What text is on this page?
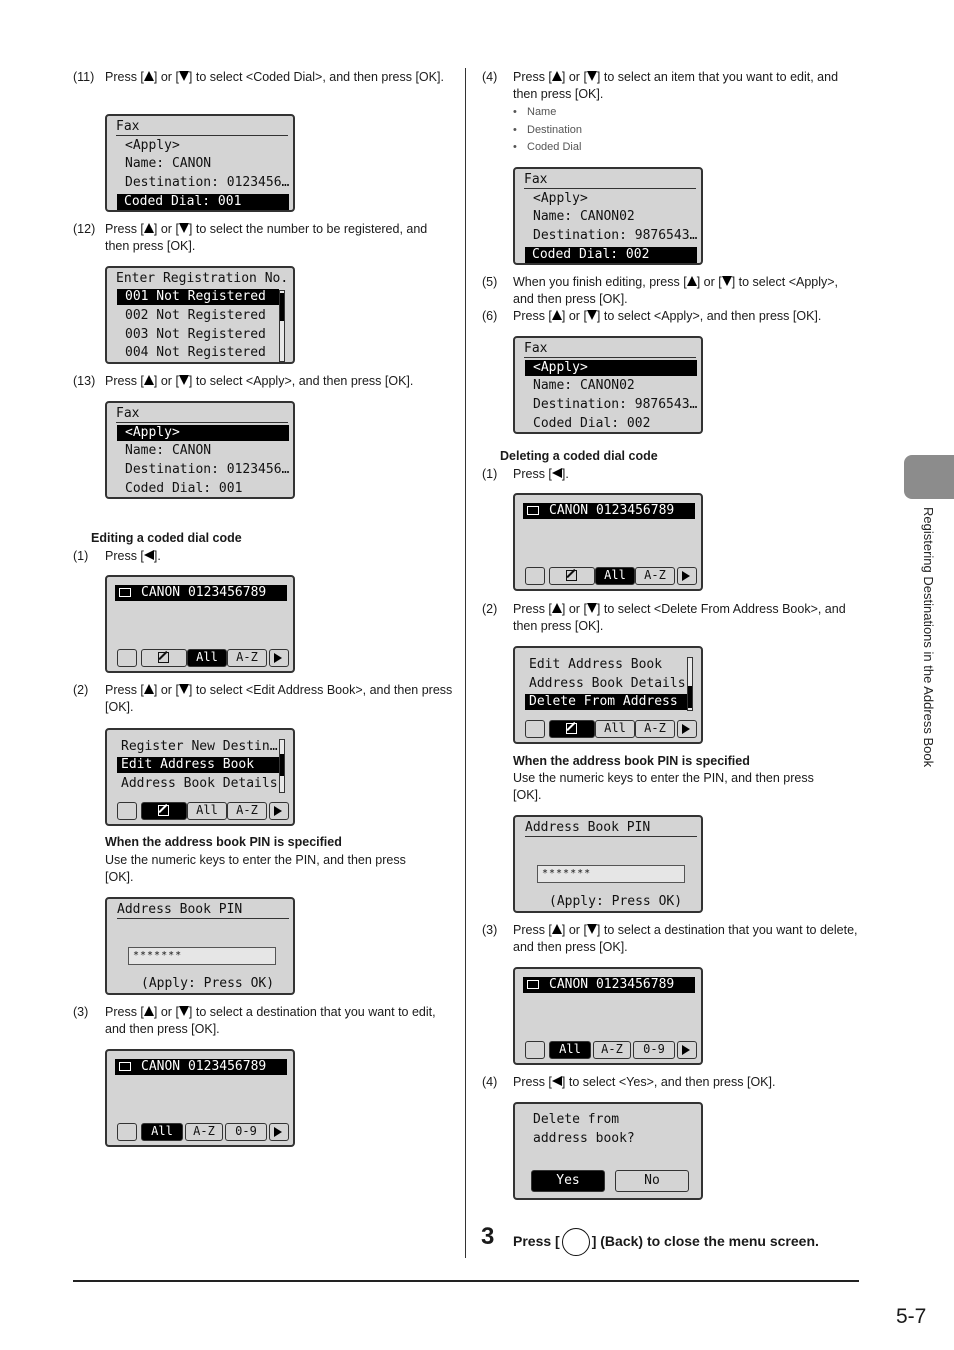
(11) Press [ ] or [ ] to select <Coded Dial>, and then press [OK].
Fax
<Apply>
Name: CANON
Destination: 0123456…
Coded Dial: 001
(12) Press [ ] or [ ] to select the number to be registered, and then press [OK].
Enter Registration No.
001 Not Registered
002 Not Registered
003 Not Registered
004 Not Registered
(13) Press [ ] or [ ] to select <Apply>, and then press [OK].
Fax
<Apply>
Name: CANON
Destination: 0123456…
Coded Dial: 001
Editing a coded dial code
(1)	Press [ ].
CANON 0123456789
All	A-Z
(2)	Press [ ] or [ ] to select <Edit Address Book>, and then press [OK].
Register New Destin…
Edit Address Book
Address Book Details
All	A-Z
When the address book PIN is specified
Use the numeric keys to enter the PIN, and then press [OK].
Address Book PIN
*******
(Apply: Press OK)
(3)	Press [ ] or [ ] to select a destination that you want to edit, and then press [OK].
CANON 0123456789
All	A-Z	0-9
(4)	Press [ ] or [ ] to select an item that you want to edit, and then press [OK].
• Name
• Destination
• Coded Dial
Fax
<Apply>
Name: CANON02
Destination: 9876543…
Coded Dial: 002
(5)	When you finish editing, press [ ] or [ ] to select <Apply>, and then press [OK].
(6)	Press [ ] or [ ] to select <Apply>, and then press [OK].
Fax
<Apply>
Name: CANON02
Destination: 9876543…
Coded Dial: 002
Deleting a coded dial code
(1)	Press [ ].
CANON 0123456789
All	A-Z
(2)	Press [ ] or [ ] to select <Delete From Address Book>, and then press [OK].
Edit Address Book
Address Book Details
Delete From Address
All	A-Z
When the address book PIN is specified
Use the numeric keys to enter the PIN, and then press [OK].
Address Book PIN
*******
(Apply: Press OK)
(3)	Press [ ] or [ ] to select a destination that you want to delete, and then press [OK].
CANON 0123456789
All	A-Z	0-9
(4)	Press [ ] to select <Yes>, and then press [OK].
Delete from
address book?
Yes	No
3 Press [ ] (Back) to close the menu screen.
5-7
Registering Destinations in the Address Book
